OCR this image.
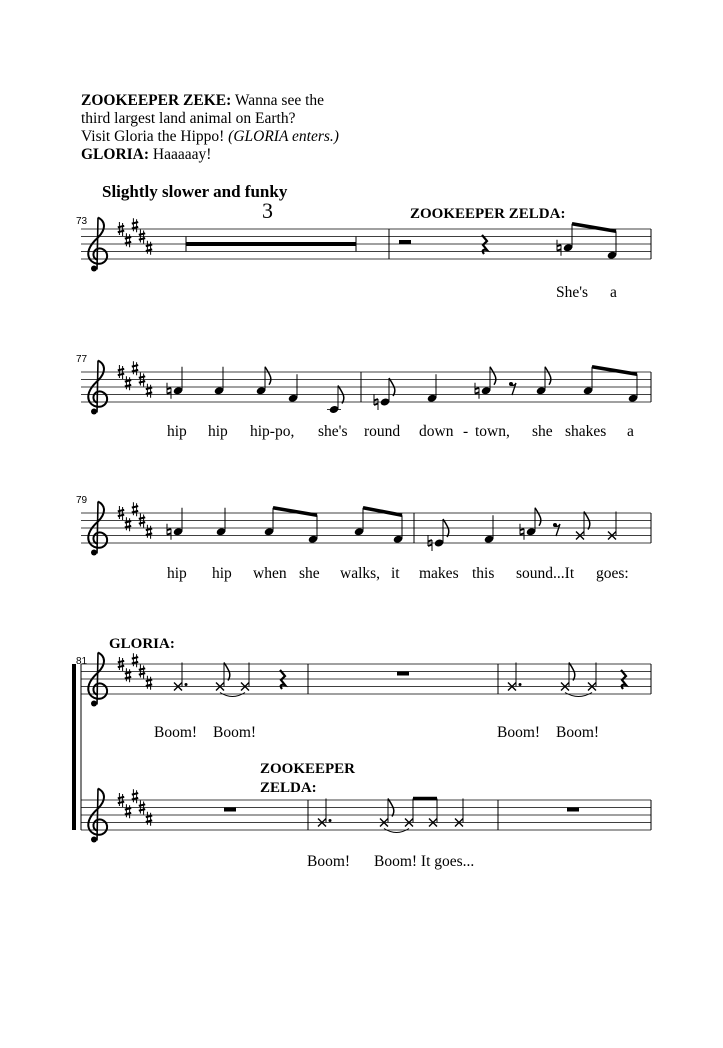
ZOOKEEPER ZEKE: Wanna see the
third largest land animal on Earth?
Visit Gloria the Hippo! (GLORIA enters.)
GLORIA: Haaaaay!
Slightly slower and funky
73	3	ZOOKEEPER ZELDA:
She's a
77
hip hip hip-po, she's round down - town, she shakes a
79
hip hip when she walks, it makes this sound...It goes:
GLORIA:
81
Boom! Boom!	Boom! Boom!
ZOOKEEPER
ZELDA:
Boom! Boom! It goes...
